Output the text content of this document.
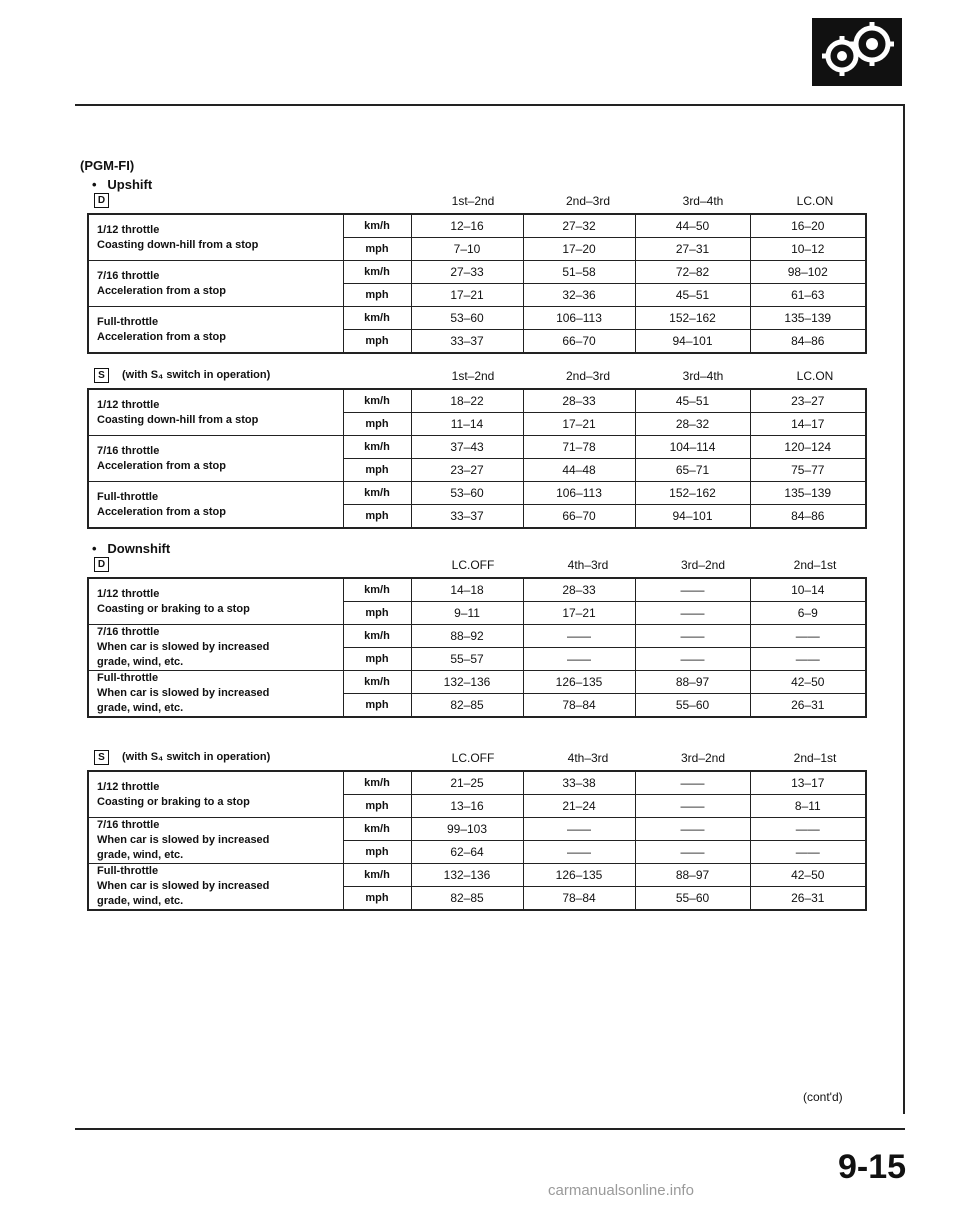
(PGM-FI)
•   Upshift
D	1st–2nd	2nd–3rd	3rd–4th	LC.ON
1/12 throttle
Coasting down-hill from a stop	km/h	12–16	27–32	44–50	16–20
	mph	7–10	17–20	27–31	10–12
7/16 throttle
Acceleration from a stop	km/h	27–33	51–58	72–82	98–102
	mph	17–21	32–36	45–51	61–63
Full-throttle
Acceleration from a stop	km/h	53–60	106–113	152–162	135–139
	mph	33–37	66–70	94–101	84–86
S	(with S₄ switch in operation)	1st–2nd	2nd–3rd	3rd–4th	LC.ON
1/12 throttle
Coasting down-hill from a stop	km/h	18–22	28–33	45–51	23–27
	mph	11–14	17–21	28–32	14–17
7/16 throttle
Acceleration from a stop	km/h	37–43	71–78	104–114	120–124
	mph	23–27	44–48	65–71	75–77
Full-throttle
Acceleration from a stop	km/h	53–60	106–113	152–162	135–139
	mph	33–37	66–70	94–101	84–86
•   Downshift
D	LC.OFF	4th–3rd	3rd–2nd	2nd–1st
1/12 throttle
Coasting or braking to a stop	km/h	14–18	28–33	——	10–14
	mph	9–11	17–21	——	6–9
7/16 throttle
When car is slowed by increased
grade, wind, etc.	km/h	88–92	——	——	——
	mph	55–57	——	——	——
Full-throttle
When car is slowed by increased
grade, wind, etc.	km/h	132–136	126–135	88–97	42–50
	mph	82–85	78–84	55–60	26–31
S	(with S₄ switch in operation)	LC.OFF	4th–3rd	3rd–2nd	2nd–1st
1/12 throttle
Coasting or braking to a stop	km/h	21–25	33–38	——	13–17
	mph	13–16	21–24	——	8–11
7/16 throttle
When car is slowed by increased
grade, wind, etc.	km/h	99–103	——	——	——
	mph	62–64	——	——	——
Full-throttle
When car is slowed by increased
grade, wind, etc.	km/h	132–136	126–135	88–97	42–50
	mph	82–85	78–84	55–60	26–31
(cont'd)
9-15
carmanualsonline.info
